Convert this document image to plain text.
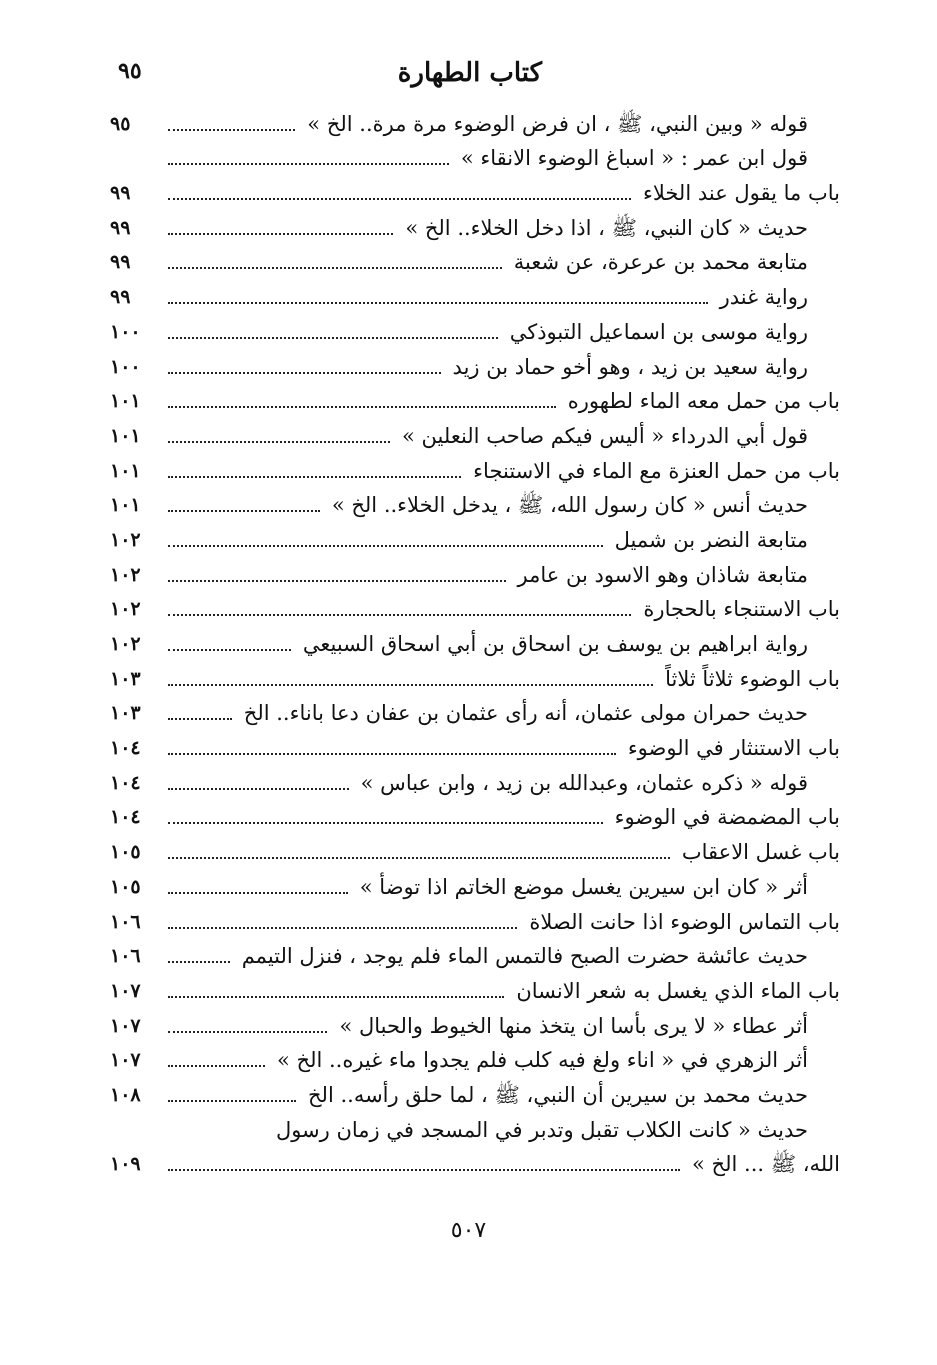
كتاب الطهارة
٩٥
قوله « وبين النبي، ﷺ ، ان فرض الوضوء مرة مرة.. الخ »
٩٥
قول ابن عمر : « اسباغ الوضوء الانقاء »
باب ما يقول عند الخلاء
٩٩
حديث « كان النبي، ﷺ ، اذا دخل الخلاء.. الخ »
٩٩
متابعة محمد بن عرعرة، عن شعبة
٩٩
رواية غندر
٩٩
رواية موسى بن اسماعيل التبوذكي
١٠٠
رواية سعيد بن زيد ، وهو أخو حماد بن زيد
١٠٠
باب من حمل معه الماء لطهوره
١٠١
قول أبي الدرداء « أليس فيكم صاحب النعلين »
١٠١
باب من حمل العنزة مع الماء في الاستنجاء
١٠١
حديث أنس « كان رسول الله، ﷺ ، يدخل الخلاء.. الخ »
١٠١
متابعة النضر بن شميل
١٠٢
متابعة شاذان وهو الاسود بن عامر
١٠٢
باب الاستنجاء بالحجارة
١٠٢
رواية ابراهيم بن يوسف بن اسحاق بن أبي اسحاق السبيعي
١٠٢
باب الوضوء ثلاثاً ثلاثاً
١٠٣
حديث حمران مولى عثمان، أنه رأى عثمان بن عفان دعا باناء.. الخ
١٠٣
باب الاستنثار في الوضوء
١٠٤
قوله « ذكره عثمان، وعبدالله بن زيد ، وابن عباس »
١٠٤
باب المضمضة في الوضوء
١٠٤
باب غسل الاعقاب
١٠٥
أثر « كان ابن سيرين يغسل موضع الخاتم اذا توضأ »
١٠٥
باب التماس الوضوء اذا حانت الصلاة
١٠٦
حديث عائشة حضرت الصبح فالتمس الماء فلم يوجد ، فنزل التيمم
١٠٦
باب الماء الذي يغسل به شعر الانسان
١٠٧
أثر عطاء « لا يرى بأسا ان يتخذ منها الخيوط والحبال »
١٠٧
أثر الزهري في « اناء ولغ فيه كلب فلم يجدوا ماء غيره.. الخ »
١٠٧
حديث محمد بن سيرين أن النبي، ﷺ ، لما حلق رأسه.. الخ
١٠٨
حديث « كانت الكلاب تقبل وتدبر في المسجد في زمان رسول
الله، ﷺ ... الخ »
١٠٩
٥٠٧
